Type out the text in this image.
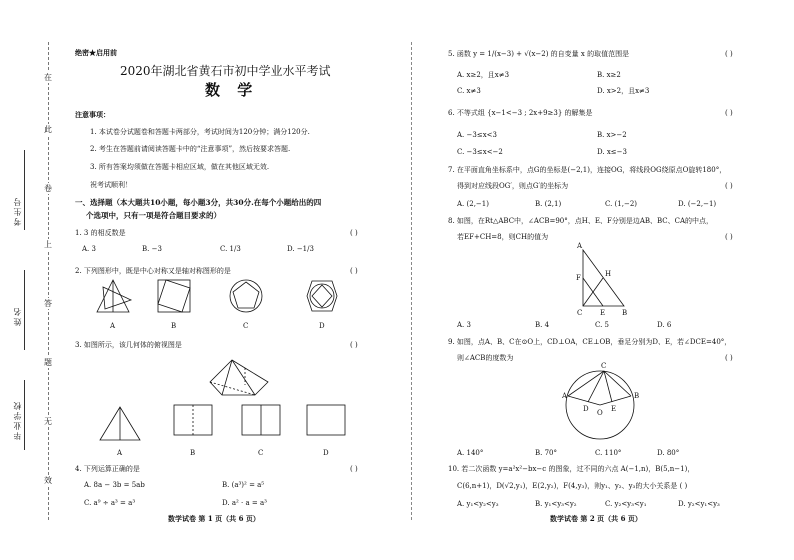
在
此
卷
上
答
题
无
效
考生号
姓名
毕业学校
绝密★启用前
2020年湖北省黄石市初中学业水平考试
数 学
注意事项：
1. 本试卷分试题卷和答题卡两部分，考试时间为120分钟；满分120分.
2. 考生在答题前请阅读答题卡中的“注意事项”，然后按要求答题.
3. 所有答案均须做在答题卡相应区域，做在其他区域无效.
祝考试顺利！
一、选择题（本大题共10小题，每小题3分，共30分.在每个小题给出的四
个选项中，只有一项是符合题目要求的）
1. 3 的相反数是	( )
A. 3	B. −3	C. 1/3	D. −1/3
2. 下列图形中，既是中心对称又是轴对称图形的是	( )
A	B	C	D
3. 如图所示，该几何体的俯视图是	( )
A	B	C	D
4. 下列运算正确的是	( )
A. 8a − 3b = 5ab	B. (a³)² = a⁵
C. a⁹ ÷ a³ = a³	D. a² · a = a³
数学试卷 第 1 页（共 6 页）
5. 函数 y = 1/(x−3) + √(x−2) 的自变量 x 的取值范围是	( )
A. x≥2，且x≠3	B. x≥2
C. x≠3	D. x>2，且x≠3
6. 不等式组 {x−1<−3 ; 2x+9≥3} 的解集是	( )
A. −3≤x<3	B. x>−2
C. −3≤x<−2	D. x≤−3
7. 在平面直角坐标系中，点G的坐标是(−2,1)，连接OG，将线段OG绕原点O旋转180°，
得到对应线段OG′，则点G′的坐标为	( )
A. (2,−1)	B. (2,1)	C. (1,−2)	D. (−2,−1)
8. 如图，在Rt△ABC中，∠ACB=90°，点H、E、F分别是边AB、BC、CA的中点，
若EF+CH=8，则CH的值为	( )
A
F	H
C	E B
A. 3	B. 4	C. 5	D. 6
9. 如图，点A、B、C在⊙O上，CD⊥OA，CE⊥OB，垂足分别为D、E，若∠DCE=40°，
则∠ACB的度数为	( )
C
A	B
D O E
A. 140°	B. 70°	C. 110°	D. 80°
10. 若二次函数 y=a²x²−bx−c 的图象，过不同的六点 A(−1,n)，B(5,n−1)，
C(6,n+1)，D(√2,y₁)，E(2,y₂)，F(4,y₃)，则y₁、y₂、y₃的大小关系是 ( )
A. y₁<y₂<y₃	B. y₁<y₃<y₂	C. y₂<y₃<y₁	D. y₂<y₁<y₃
数学试卷 第 2 页（共 6 页）
